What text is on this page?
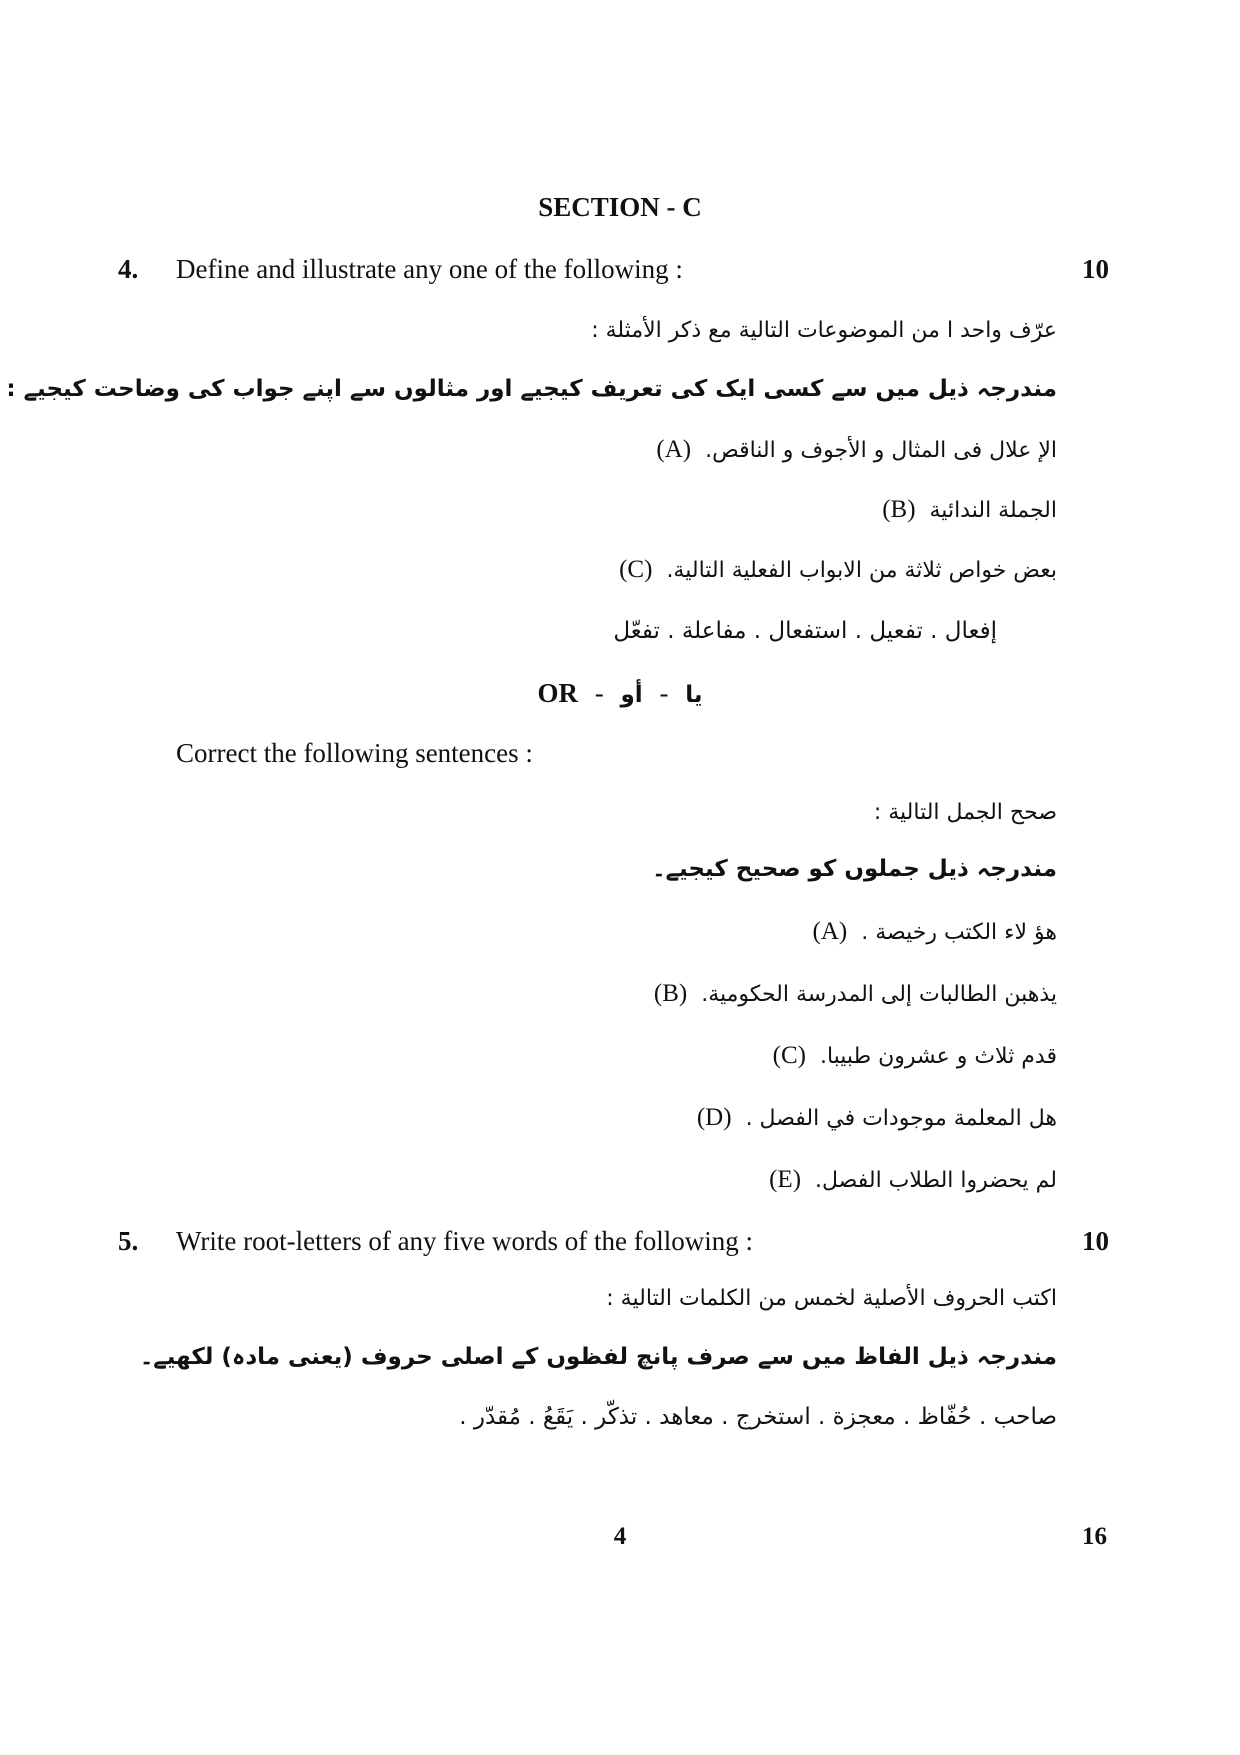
SECTION - C
4. Define and illustrate any one of the following :	10
عرّف واحد ا من الموضوعات التالية مع ذكر الأمثلة :
مندرجہ ذیل میں سے کسی ایک کی تعریف کیجیے اور مثالوں سے اپنے جواب کی وضاحت کیجیے :
(A) الإ علال فى المثال و الأجوف و الناقص.
(B) الجملة الندائية
(C) بعض خواص ثلاثة من الابواب الفعلية التالية.
إفعال . تفعيل . استفعال . مفاعلة . تفعّل
OR -	یا - أو
Correct the following sentences :
صحح الجمل التالية :
مندرجہ ذیل جملوں کو صحیح کیجیے۔
(A) هؤ لاء الكتب رخيصة .
(B) يذهبن الطالبات إلى المدرسة الحكومية.
(C) قدم ثلاث و عشرون طبيبا.
(D) هل المعلمة موجودات في الفصل .
(E) لم يحضروا الطلاب الفصل.
5. Write root-letters of any five words of the following :	10
اكتب الحروف الأصلية لخمس من الكلمات التالية :
مندرجہ ذیل الفاظ میں سے صرف پانچ لفظوں کے اصلی حروف (یعنی مادہ) لکھیے۔
صاحب . حُفّاظ . معجزة . استخرج . معاهد . تذكّر . يَقَعُ . مُقدّر .
4	16
